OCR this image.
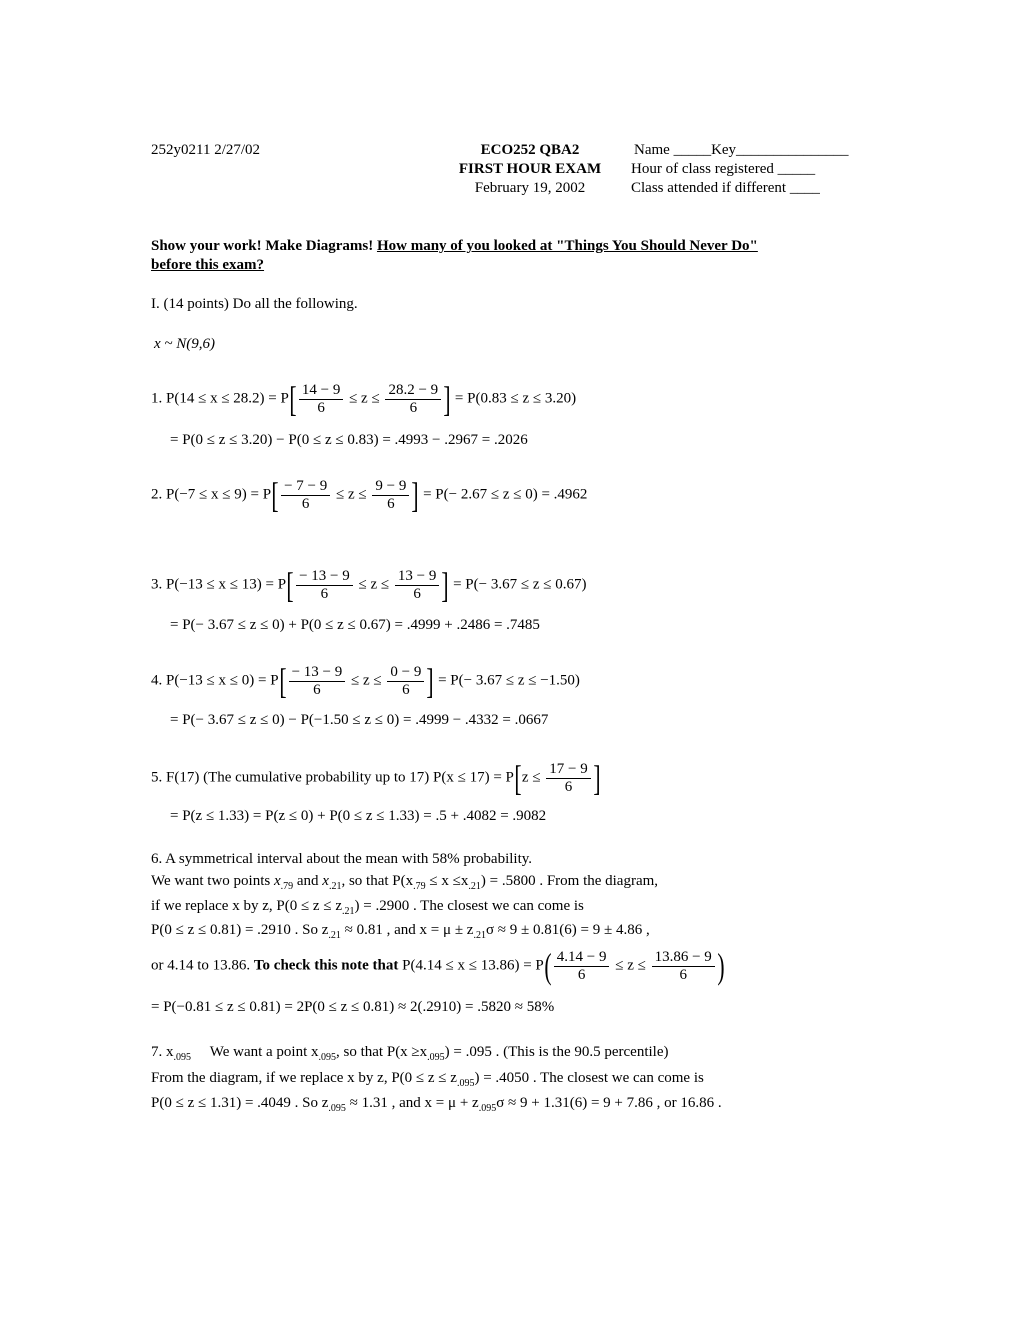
252y0211 2/27/02	ECO252 QBA2
FIRST HOUR EXAM
February 19, 2002
Name _____Key_______________
Hour of class registered _____
Class attended if different ____
Show your work! Make Diagrams! How many of you looked at "Things You Should Never Do"
before this exam?
I. (14 points) Do all the following.
x ~ N(9,6)
1. $P(14 \le x \le 28.2) = P[ \frac{14 - 9}{6} \le z \le \frac{28.2 - 9}{6}$ ] = P(0.83 ≤ z ≤ 3.20)
= P(0 ≤ z ≤ 3.20) − P(0 ≤ z ≤ 0.83) = .4993 − .2967 = .2026
2. $P(-7 \le x \le 9) = P[ \frac{- 7 - 9}{6} \le z \le \frac{9 - 9}{6}$ ] = P(− 2.67 ≤ z ≤ 0) = .4962
3. $P(-13 \le x \le 13) = P[ \frac{- 13 - 9}{6} \le z \le \frac{13 - 9}{6}$ ] = P(− 3.67 ≤ z ≤ 0.67)
= P(− 3.67 ≤ z ≤ 0) + P(0 ≤ z ≤ 0.67) = .4999 + .2486 = .7485
4. $P(-13 \le x \le 0) = P[ \frac{- 13 - 9}{6} \le z \le \frac{0 - 9}{6}$ ] = P(− 3.67 ≤ z ≤ −1.50)
= P(− 3.67 ≤ z ≤ 0) − P(−1.50 ≤ z ≤ 0) = .4999 − .4332 = .0667
5. F(17) (The cumulative probability up to 17) $P(x \le 17) = P[z \le \frac{17 - 9}{6}$ ]
= P(z ≤ 1.33) = P(z ≤ 0) + P(0 ≤ z ≤ 1.33) = .5 + .4082 = .9082
6. A symmetrical interval about the mean with 58% probability.
We want two points $x_{.79}$ and $x_{.21}$, so that $P(x_{.79} \le x \le x_{.21}) = .5800$ . From the diagram,
if we replace x by z, $P(0 \le z \le z_{.21}) = .2900$ . The closest we can come is
P(0 ≤ z ≤ 0.81) = .2910 . So $z_{.21} \approx 0.81$ , and $x = \mu \pm z_{.21}\sigma \approx 9 \pm 0.81(6) = 9 \pm 4.86$ ,
or 4.14 to 13.86. To check this note that $P(4.14 \le x \le 13.86) = P( \frac{4.14 - 9}{6} \le z \le \frac{13.86 - 9}{6}$ )
= P(−0.81 ≤ z ≤ 0.81) = 2P(0 ≤ z ≤ 0.81) ≈ 2(.2910) = .5820 ≈ 58%
7. $x_{.095}$ We want a point $x_{.095}$, so that $P(x \ge x_{.095}) = .095$ . (This is the 90.5 percentile)
From the diagram, if we replace x by z, $P(0 \le z \le z_{.095}) = .4050$ . The closest we can come is
P(0 ≤ z ≤ 1.31) = .4049 . So $z_{.095} \approx 1.31$ , and $x = \mu + z_{.095}\sigma \approx 9 + 1.31(6) = 9 + 7.86$ , or 16.86 .
